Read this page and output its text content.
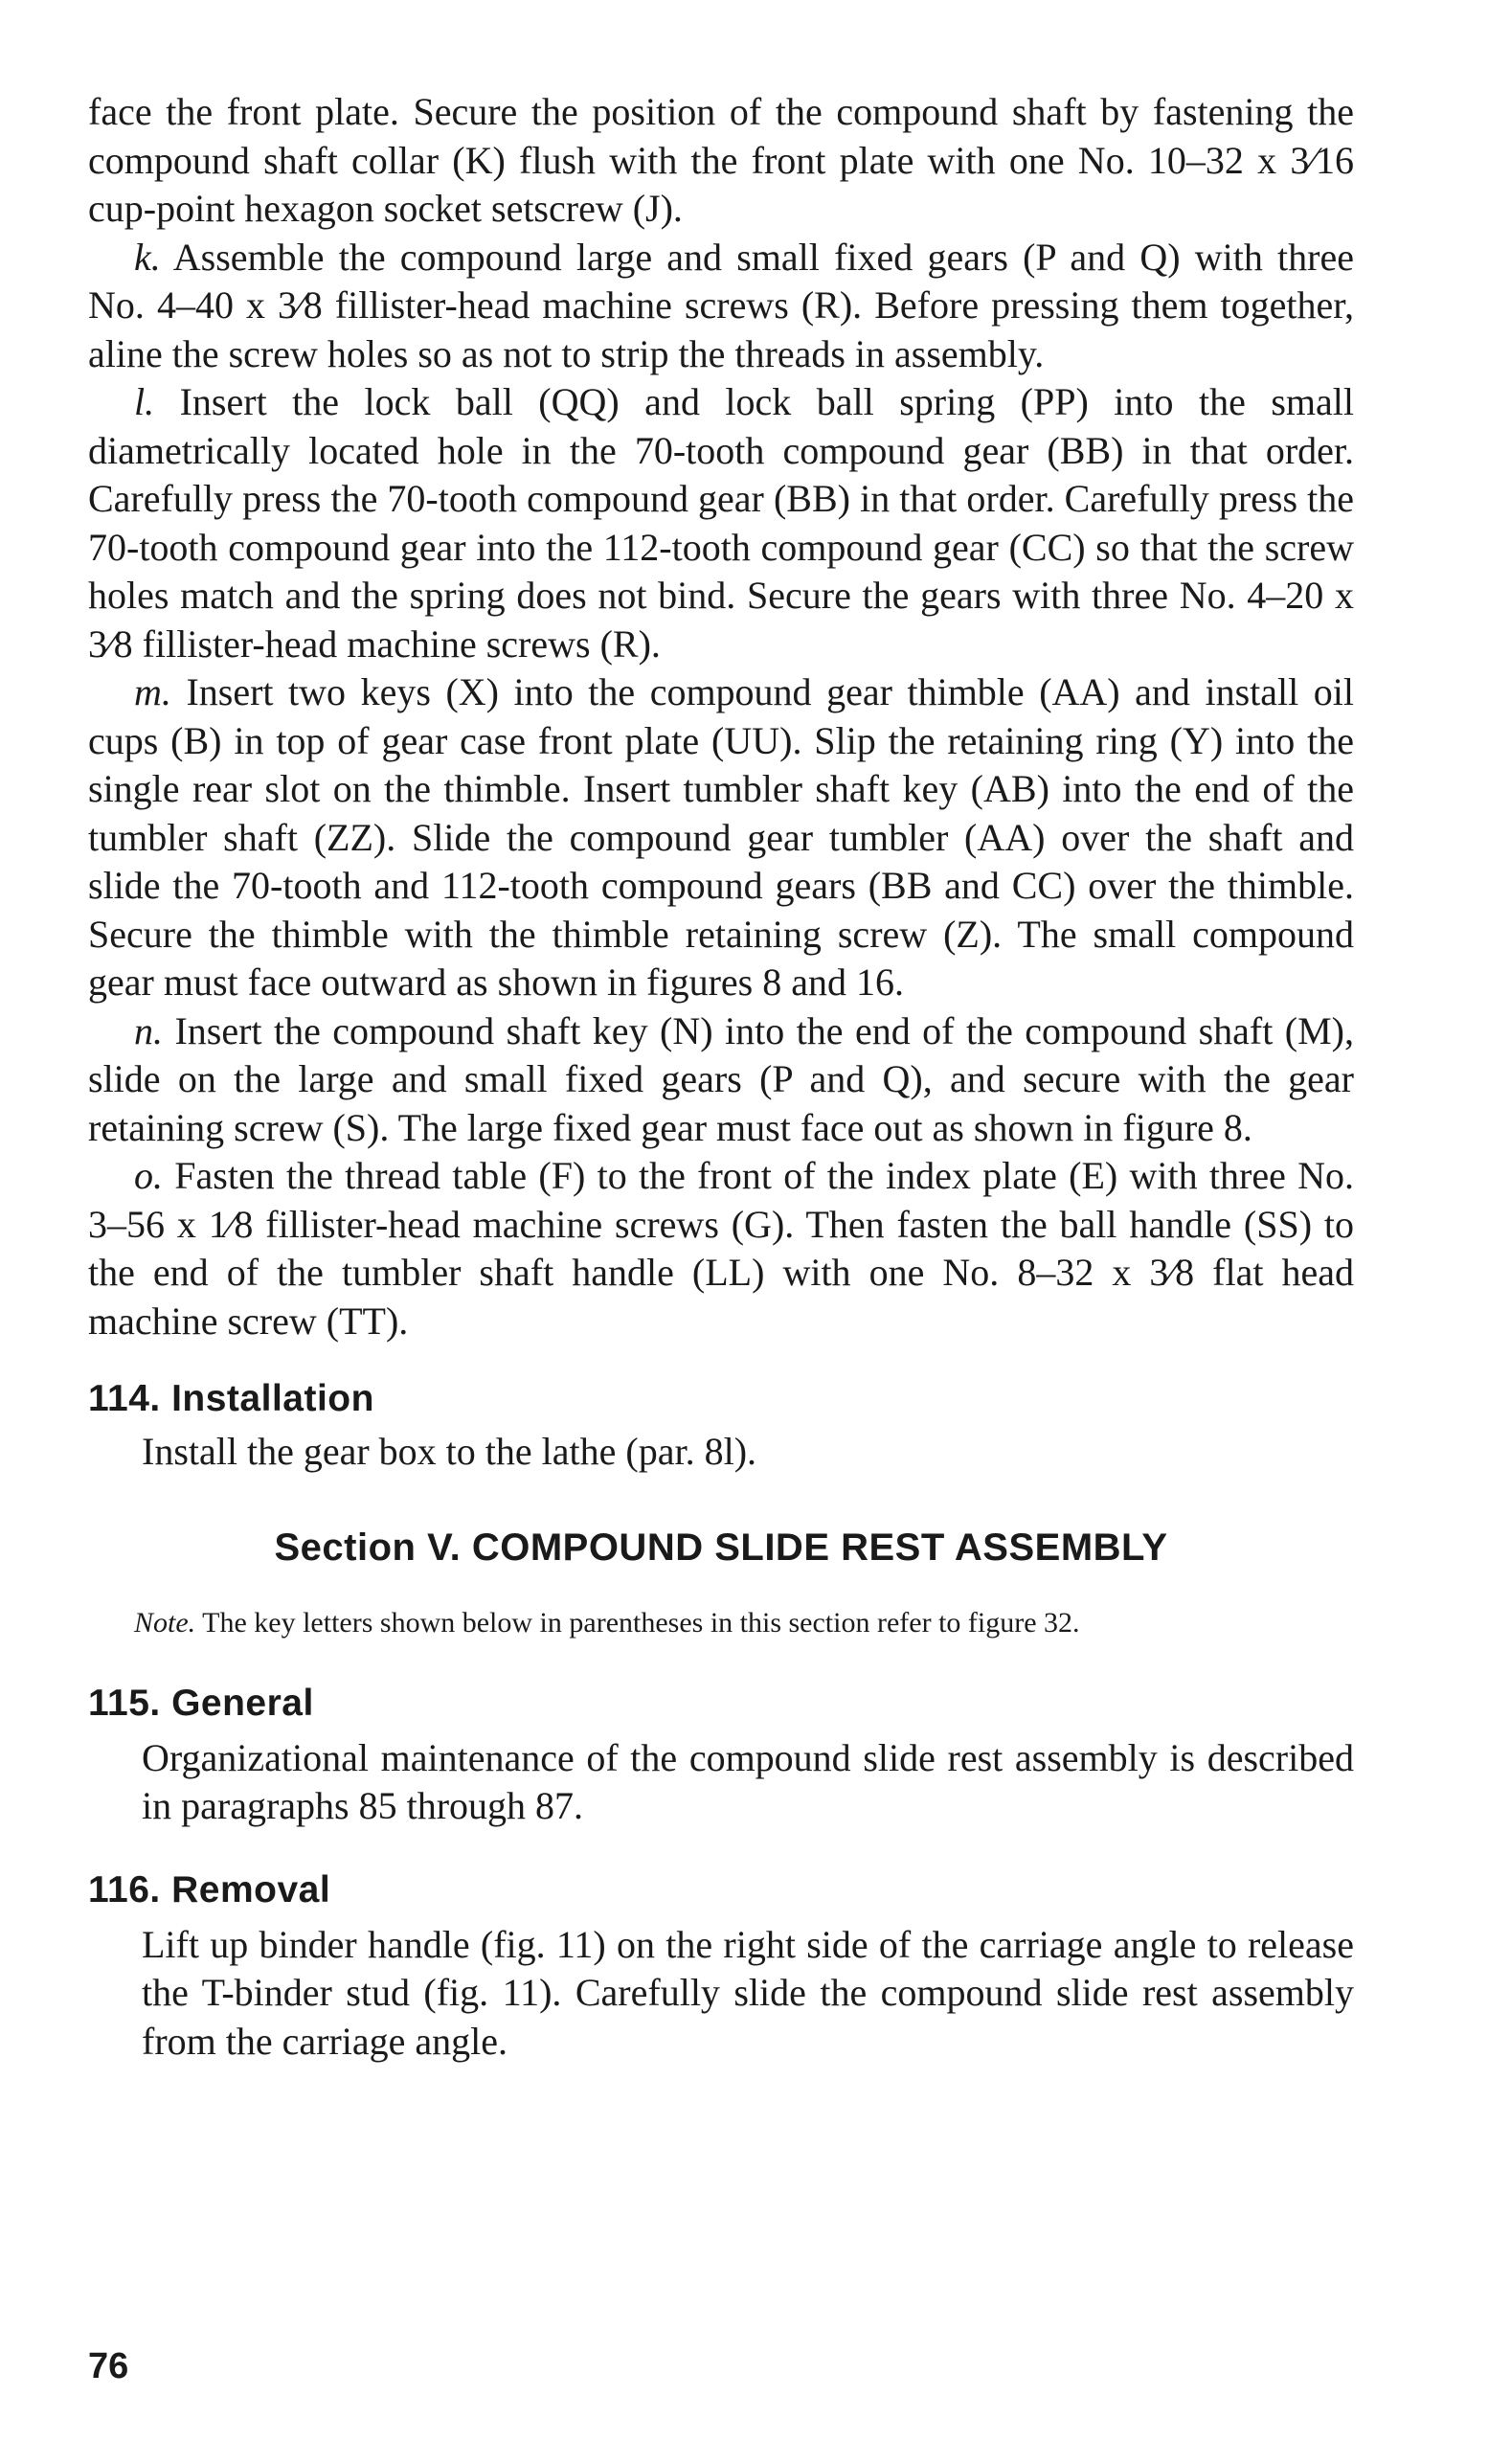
face the front plate. Secure the position of the compound shaft by fastening the compound shaft collar (K) flush with the front plate with one No. 10–32 x 3⁄16 cup-point hexagon socket setscrew (J).

k. Assemble the compound large and small fixed gears (P and Q) with three No. 4–40 x 3⁄8 fillister-head machine screws (R). Before pressing them together, aline the screw holes so as not to strip the threads in assembly.

l. Insert the lock ball (QQ) and lock ball spring (PP) into the small diametrically located hole in the 70-tooth compound gear (BB) in that order. Carefully press the 70-tooth compound gear (BB) in that order. Carefully press the 70-tooth compound gear into the 112-tooth compound gear (CC) so that the screw holes match and the spring does not bind. Secure the gears with three No. 4–20 x 3⁄8 fillister-head machine screws (R).

m. Insert two keys (X) into the compound gear thimble (AA) and install oil cups (B) in top of gear case front plate (UU). Slip the retaining ring (Y) into the single rear slot on the thimble. Insert tumbler shaft key (AB) into the end of the tumbler shaft (ZZ). Slide the compound gear tumbler (AA) over the shaft and slide the 70-tooth and 112-tooth compound gears (BB and CC) over the thimble. Secure the thimble with the thimble retaining screw (Z). The small compound gear must face outward as shown in figures 8 and 16.

n. Insert the compound shaft key (N) into the end of the compound shaft (M), slide on the large and small fixed gears (P and Q), and secure with the gear retaining screw (S). The large fixed gear must face out as shown in figure 8.

o. Fasten the thread table (F) to the front of the index plate (E) with three No. 3–56 x 1⁄8 fillister-head machine screws (G). Then fasten the ball handle (SS) to the end of the tumbler shaft handle (LL) with one No. 8–32 x 3⁄8 flat head machine screw (TT).

114. Installation

Install the gear box to the lathe (par. 8l).

Section V. COMPOUND SLIDE REST ASSEMBLY

Note. The key letters shown below in parentheses in this section refer to figure 32.

115. General

Organizational maintenance of the compound slide rest assembly is described in paragraphs 85 through 87.

116. Removal

Lift up binder handle (fig. 11) on the right side of the carriage angle to release the T-binder stud (fig. 11). Carefully slide the compound slide rest assembly from the carriage angle.

76
